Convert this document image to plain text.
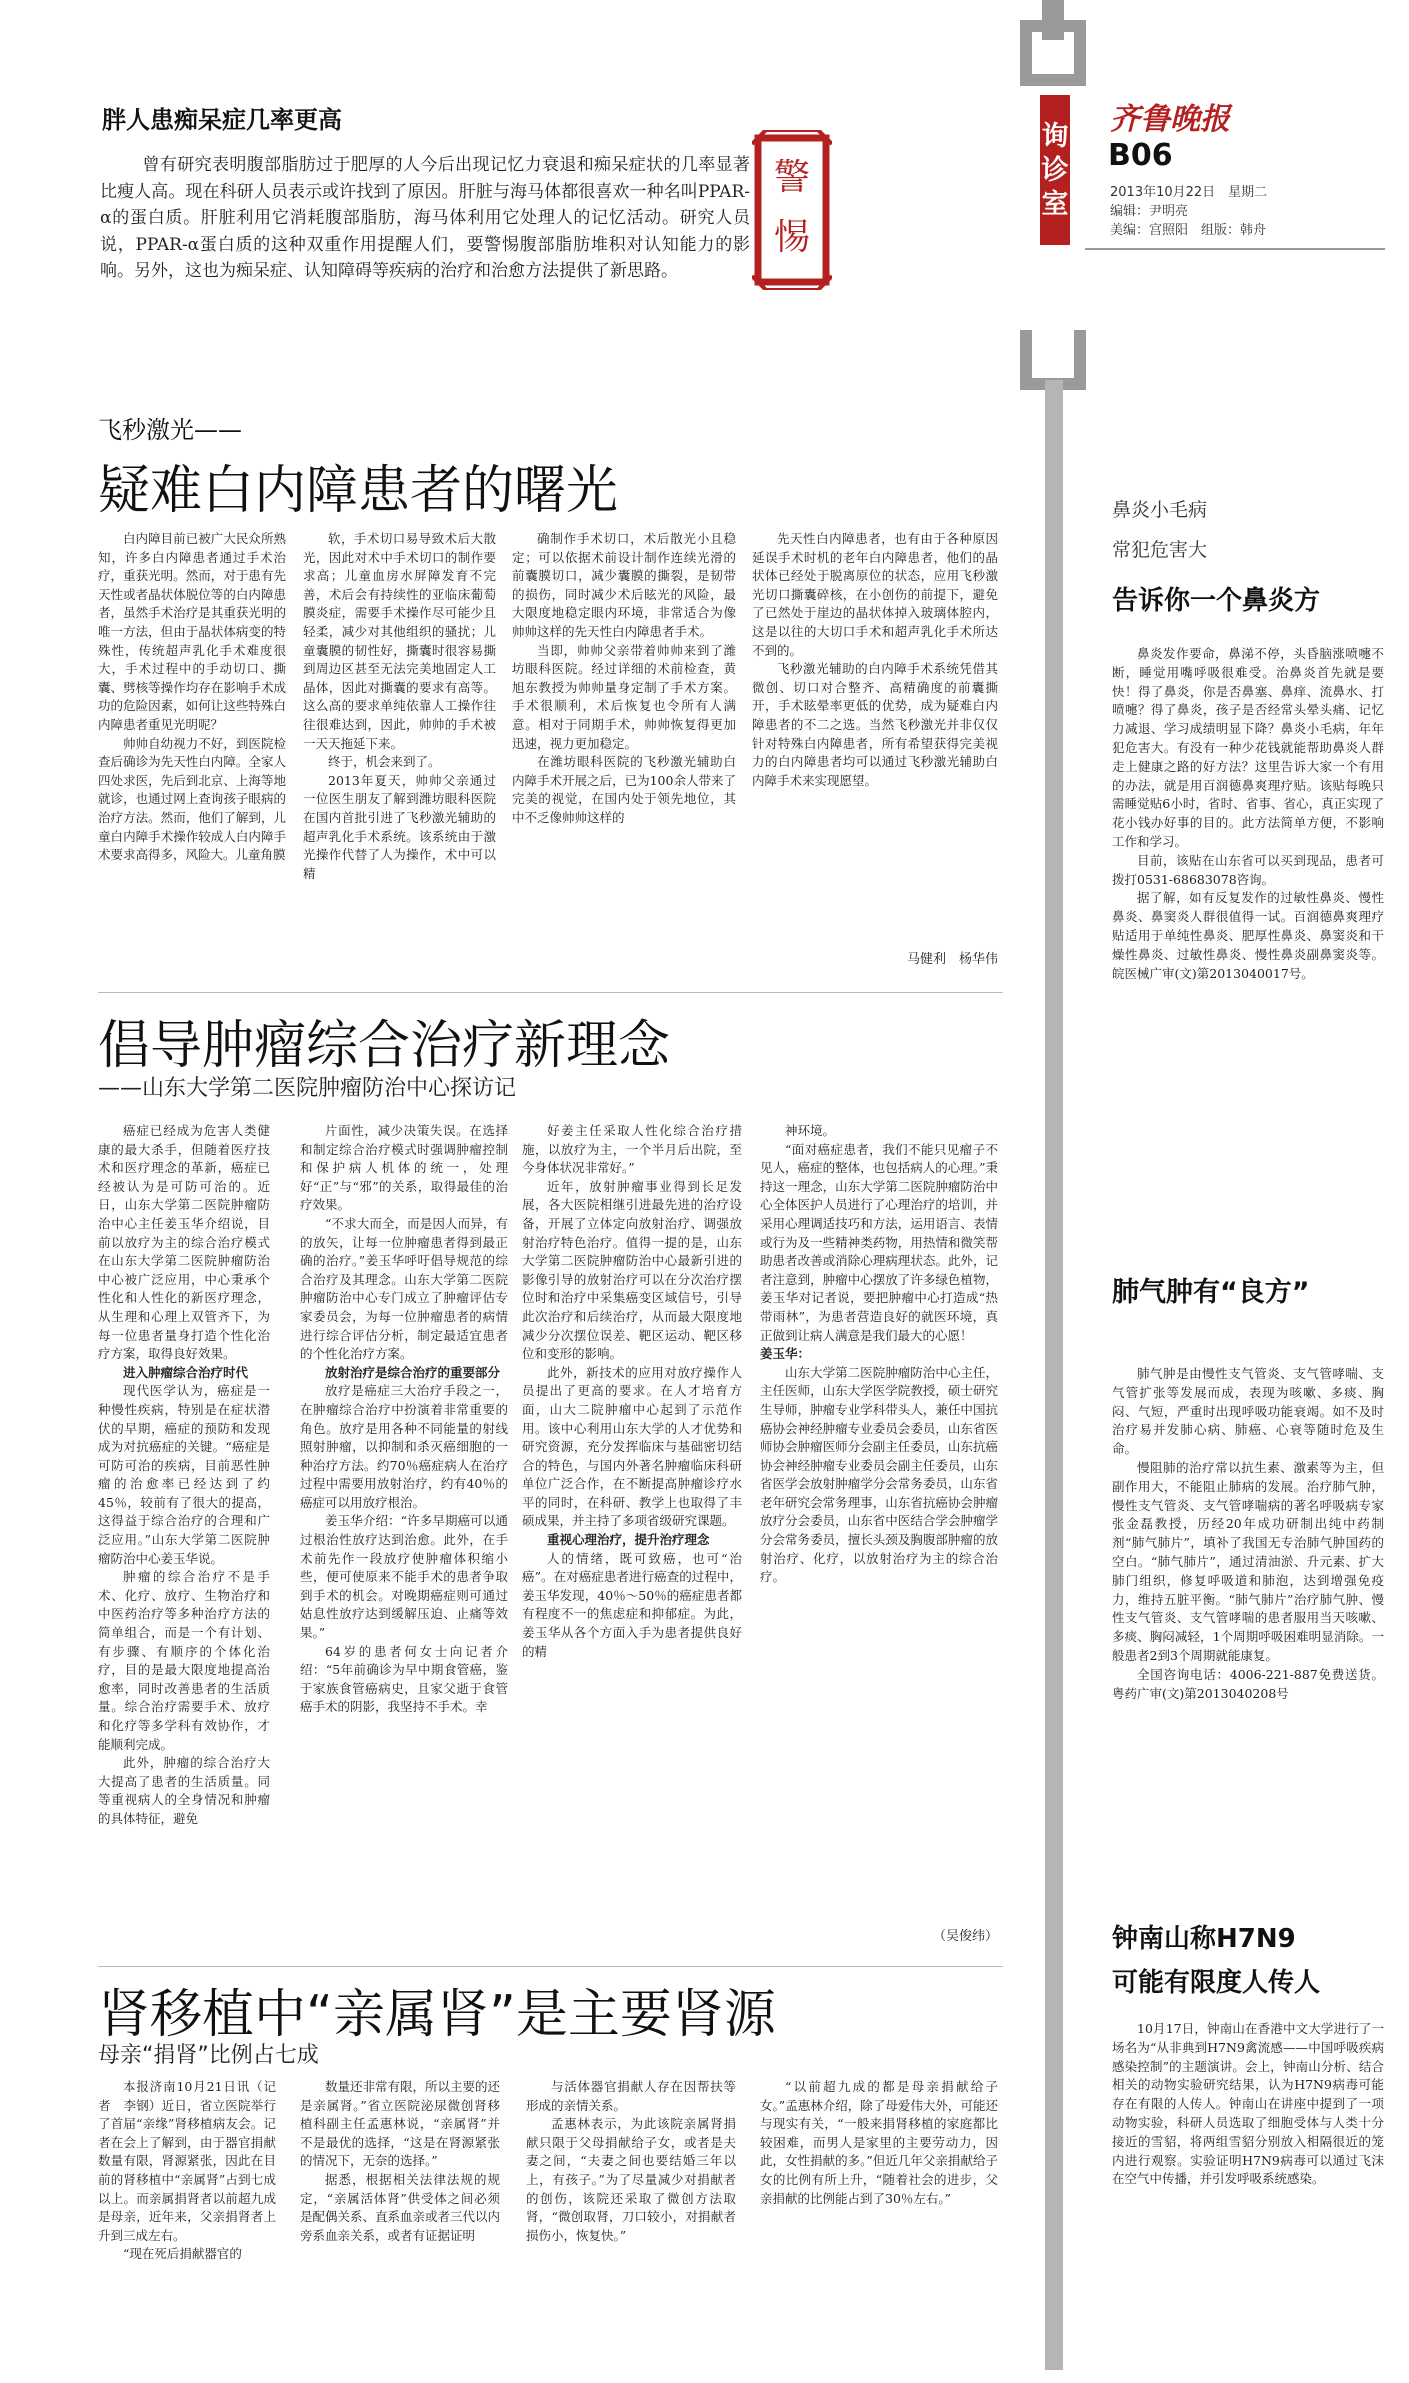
胖人患痴呆症几率更高
曾有研究表明腹部脂肪过于肥厚的人今后出现记忆力衰退和痴呆症状的几率显著比瘦人高。现在科研人员表示或许找到了原因。肝脏与海马体都很喜欢一种名叫PPAR-α的蛋白质。肝脏利用它消耗腹部脂肪，海马体利用它处理人的记忆活动。研究人员说，PPAR-α蛋白质的这种双重作用提醒人们，要警惕腹部脂肪堆积对认知能力的影响。另外，这也为痴呆症、认知障碍等疾病的治疗和治愈方法提供了新思路。
警惕
询诊室
齐鲁晚报
B06
2013年10月22日　星期二
编辑：尹明亮
美编：宫照阳　组版：韩舟
飞秒激光——
疑难白内障患者的曙光

白内障目前已被广大民众所熟知，许多白内障患者通过手术治疗，重获光明。然而，对于患有先天性或者晶状体脱位等的白内障患者，虽然手术治疗是其重获光明的唯一方法，但由于晶状体病变的特殊性，传统超声乳化手术难度很大，手术过程中的手动切口、撕囊、劈核等操作均存在影响手术成功的危险因素，如何让这些特殊白内障患者重见光明呢？

帅帅自幼视力不好，到医院检查后确诊为先天性白内障。全家人四处求医，先后到北京、上海等地就诊，也通过网上查询孩子眼病的治疗方法。然而，他们了解到，儿童白内障手术操作较成人白内障手术要求高得多，风险大。儿童角膜

软，手术切口易导致术后大散光，因此对术中手术切口的制作要求高；儿童血房水屏障发育不完善，术后会有持续性的亚临床葡萄膜炎症，需要手术操作尽可能少且轻柔，减少对其他组织的骚扰；儿童囊膜的韧性好，撕囊时很容易撕到周边区甚至无法完美地固定人工晶体，因此对撕囊的要求有高等。这么高的要求单纯依靠人工操作往往很难达到，因此，帅帅的手术被一天天拖延下来。

终于，机会来到了。

2013年夏天，帅帅父亲通过一位医生朋友了解到潍坊眼科医院在国内首批引进了飞秒激光辅助的超声乳化手术系统。该系统由于激光操作代替了人为操作，术中可以精

确制作手术切口，术后散光小且稳定；可以依据术前设计制作连续光滑的前囊膜切口，减少囊膜的撕裂，是韧带的损伤，同时减少术后眩光的风险，最大限度地稳定眼内环境，非常适合为像帅帅这样的先天性白内障患者手术。

当即，帅帅父亲带着帅帅来到了潍坊眼科医院。经过详细的术前检查，黄旭东教授为帅帅量身定制了手术方案。手术很顺利，术后恢复也令所有人满意。相对于同期手术，帅帅恢复得更加迅速，视力更加稳定。

在潍坊眼科医院的飞秒激光辅助白内障手术开展之后，已为100余人带来了完美的视觉，在国内处于领先地位，其中不乏像帅帅这样的

先天性白内障患者，也有由于各种原因延误手术时机的老年白内障患者，他们的晶状体已经处于脱离原位的状态，应用飞秒激光切口撕囊碎核，在小创伤的前提下，避免了已然处于崖边的晶状体掉入玻璃体腔内，这是以往的大切口手术和超声乳化手术所达不到的。

飞秒激光辅助的白内障手术系统凭借其微创、切口对合整齐、高精确度的前囊撕开，手术眩晕率更低的优势，成为疑难白内障患者的不二之选。当然飞秒激光并非仅仅针对特殊白内障患者，所有希望获得完美视力的白内障患者均可以通过飞秒激光辅助白内障手术来实现愿望。

马健利　杨华伟
倡导肿瘤综合治疗新理念
——山东大学第二医院肿瘤防治中心探访记

癌症已经成为危害人类健康的最大杀手，但随着医疗技术和医疗理念的革新，癌症已经被认为是可防可治的。近日，山东大学第二医院肿瘤防治中心主任姜玉华介绍说，目前以放疗为主的综合治疗模式在山东大学第二医院肿瘤防治中心被广泛应用，中心秉承个性化和人性化的新医疗理念，从生理和心理上双管齐下，为每一位患者量身打造个性化治疗方案，取得良好效果。

进入肿瘤综合治疗时代

现代医学认为，癌症是一种慢性疾病，特别是在症状潜伏的早期，癌症的预防和发现成为对抗癌症的关键。“癌症是可防可治的疾病，目前恶性肿瘤的治愈率已经达到了约45％，较前有了很大的提高，这得益于综合治疗的合理和广泛应用。”山东大学第二医院肿瘤防治中心姜玉华说。

肿瘤的综合治疗不是手术、化疗、放疗、生物治疗和中医药治疗等多种治疗方法的简单组合，而是一个有计划、有步骤、有顺序的个体化治疗，目的是最大限度地提高治愈率，同时改善患者的生活质量。综合治疗需要手术、放疗和化疗等多学科有效协作，才能顺利完成。

此外，肿瘤的综合治疗大大提高了患者的生活质量。同等重视病人的全身情况和肿瘤的具体特征，避免

片面性，减少决策失误。在选择和制定综合治疗模式时强调肿瘤控制和保护病人机体的统一，处理好“正”与“邪”的关系，取得最佳的治疗效果。

“不求大而全，而是因人而异，有的放矢，让每一位肿瘤患者得到最正确的治疗。”姜玉华呼吁倡导规范的综合治疗及其理念。山东大学第二医院肿瘤防治中心专门成立了肿瘤评估专家委员会，为每一位肿瘤患者的病情进行综合评估分析，制定最适宜患者的个性化治疗方案。

放射治疗是综合治疗的重要部分

放疗是癌症三大治疗手段之一，在肿瘤综合治疗中扮演着非常重要的角色。放疗是用各种不同能量的射线照射肿瘤，以抑制和杀灭癌细胞的一种治疗方法。约70％癌症病人在治疗过程中需要用放射治疗，约有40％的癌症可以用放疗根治。

姜玉华介绍：“许多早期癌可以通过根治性放疗达到治愈。此外，在手术前先作一段放疗使肿瘤体积缩小些，便可使原来不能手术的患者争取到手术的机会。对晚期癌症则可通过姑息性放疗达到缓解压迫、止痛等效果。”

64岁的患者何女士向记者介绍：“5年前确诊为早中期食管癌，鉴于家族食管癌病史，且家父逝于食管癌手术的阴影，我坚持不手术。幸

好姜主任采取人性化综合治疗措施，以放疗为主，一个半月后出院，至今身体状况非常好。”

近年，放射肿瘤事业得到长足发展，各大医院相继引进最先进的治疗设备，开展了立体定向放射治疗、调强放射治疗特色治疗。值得一提的是，山东大学第二医院肿瘤防治中心最新引进的影像引导的放射治疗可以在分次治疗摆位时和治疗中采集癌变区域信号，引导此次治疗和后续治疗，从而最大限度地减少分次摆位误差、靶区运动、靶区移位和变形的影响。

此外，新技术的应用对放疗操作人员提出了更高的要求。在人才培育方面，山大二院肿瘤中心起到了示范作用。该中心利用山东大学的人才优势和研究资源，充分发挥临床与基础密切结合的特色，与国内外著名肿瘤临床科研单位广泛合作，在不断提高肿瘤诊疗水平的同时，在科研、教学上也取得了丰硕成果，并主持了多项省级研究课题。

重视心理治疗，提升治疗理念

人的情绪，既可致癌，也可“治癌”。在对癌症患者进行癌查的过程中，姜玉华发现，40％～50％的癌症患者都有程度不一的焦虑症和抑郁症。为此，姜玉华从各个方面入手为患者提供良好的精

神环境。

“面对癌症患者，我们不能只见瘤子不见人，癌症的整体，也包括病人的心理。”秉持这一理念，山东大学第二医院肿瘤防治中心全体医护人员进行了心理治疗的培训，并采用心理调适技巧和方法，运用语言、表情或行为及一些精神类药物，用热情和微笑帮助患者改善或消除心理病理状态。此外，记者注意到，肿瘤中心摆放了许多绿色植物，姜玉华对记者说，要把肿瘤中心打造成“热带雨林”，为患者营造良好的就医环境，真正做到让病人满意是我们最大的心愿！

姜玉华：

山东大学第二医院肿瘤防治中心主任，主任医师，山东大学医学院教授，硕士研究生导师，肿瘤专业学科带头人，兼任中国抗癌协会神经肿瘤专业委员会委员，山东省医师协会肿瘤医师分会副主任委员，山东抗癌协会神经肿瘤专业委员会副主任委员，山东省医学会放射肿瘤学分会常务委员，山东省老年研究会常务理事，山东省抗癌协会肿瘤放疗分会委员，山东省中医结合学会肿瘤学分会常务委员，擅长头颈及胸腹部肿瘤的放射治疗、化疗，以放射治疗为主的综合治疗。

（吴俊纬）
肾移植中“亲属肾”是主要肾源
母亲“捐肾”比例占七成

本报济南10月21日讯（记者　李钢）近日，省立医院举行了首届“亲缘”肾移植病友会。记者在会上了解到，由于器官捐献数量有限，肾源紧张，因此在目前的肾移植中“亲属肾”占到七成以上。而亲属捐肾者以前超九成是母亲，近年来，父亲捐肾者上升到三成左右。

“现在死后捐献器官的

数量还非常有限，所以主要的还是亲属肾。”省立医院泌尿微创肾移植科副主任孟惠林说，“亲属肾”并不是最优的选择，“这是在肾源紧张的情况下，无奈的选择。”

据悉，根据相关法律法规的规定，“亲属活体肾”供受体之间必须是配偶关系、直系血亲或者三代以内旁系血亲关系，或者有证据证明

与活体器官捐献人存在因帮扶等形成的亲情关系。

孟惠林表示，为此该院亲属肾捐献只限于父母捐献给子女，或者是夫妻之间，“夫妻之间也要结婚三年以上，有孩子。”为了尽量减少对捐献者的创伤，该院还采取了微创方法取肾，“微创取肾，刀口较小，对捐献者损伤小，恢复快。”

“以前超九成的都是母亲捐献给子女。”孟惠林介绍，除了母爱伟大外，可能还与现实有关，“一般来捐肾移植的家庭都比较困难，而男人是家里的主要劳动力，因此，女性捐献的多。”但近几年父亲捐献给子女的比例有所上升，“随着社会的进步，父亲捐献的比例能占到了30％左右。”

鼻炎小毛病
常犯危害大
告诉你一个鼻炎方

鼻炎发作要命，鼻涕不停，头昏脑涨喷嚏不断，睡觉用嘴呼吸很难受。治鼻炎首先就是要快！得了鼻炎，你是否鼻塞、鼻痒、流鼻水、打喷嚏？得了鼻炎，孩子是否经常头晕头痛、记忆力减退、学习成绩明显下降？鼻炎小毛病，年年犯危害大。有没有一种少花钱就能帮助鼻炎人群走上健康之路的好方法？这里告诉大家一个有用的办法，就是用百润德鼻爽理疗贴。该贴每晚只需睡觉贴6小时，省时、省事、省心，真正实现了花小钱办好事的目的。此方法简单方便，不影响工作和学习。

目前，该贴在山东省可以买到现品，患者可拨打0531-68683078咨询。

据了解，如有反复发作的过敏性鼻炎、慢性鼻炎、鼻窦炎人群很值得一试。百润德鼻爽理疗贴适用于单纯性鼻炎、肥厚性鼻炎、鼻窦炎和干燥性鼻炎、过敏性鼻炎、慢性鼻炎副鼻窦炎等。皖医械广审(文)第2013040017号。

肺气肿有“良方”

肺气肿是由慢性支气管炎、支气管哮喘、支气管扩张等发展而成，表现为咳嗽、多痰、胸闷、气短，严重时出现呼吸功能衰竭。如不及时治疗易并发肺心病、肺癌、心衰等随时危及生命。

慢阻肺的治疗常以抗生素、激素等为主，但副作用大，不能阻止肺病的发展。治疗肺气肿，慢性支气管炎、支气管哮喘病的著名呼吸病专家张金磊教授，历经20年成功研制出纯中药制剂“肺气肺片”，填补了我国无专治肺气肿国药的空白。“肺气肺片”，通过清油淤、升元素、扩大肺门组织，修复呼吸道和肺泡，达到增强免疫力，维持五脏平衡。“肺气肺片”治疗肺气肿、慢性支气管炎、支气管哮喘的患者服用当天咳嗽、多痰、胸闷减轻，1个周期呼吸困难明显消除。一般患者2到3个周期就能康复。

全国咨询电话：4006-221-887免费送货。粤药广审(文)第2013040208号

钟南山称H7N9
可能有限度人传人

10月17日，钟南山在香港中文大学进行了一场名为“从非典到H7N9禽流感——中国呼吸疾病感染控制”的主题演讲。会上，钟南山分析、结合相关的动物实验研究结果，认为H7N9病毒可能存在有限的人传人。钟南山在讲座中提到了一项动物实验，科研人员选取了细胞受体与人类十分接近的雪貂，将两组雪貂分别放入相隔很近的笼内进行观察。实验证明H7N9病毒可以通过飞沫在空气中传播，并引发呼吸系统感染。
